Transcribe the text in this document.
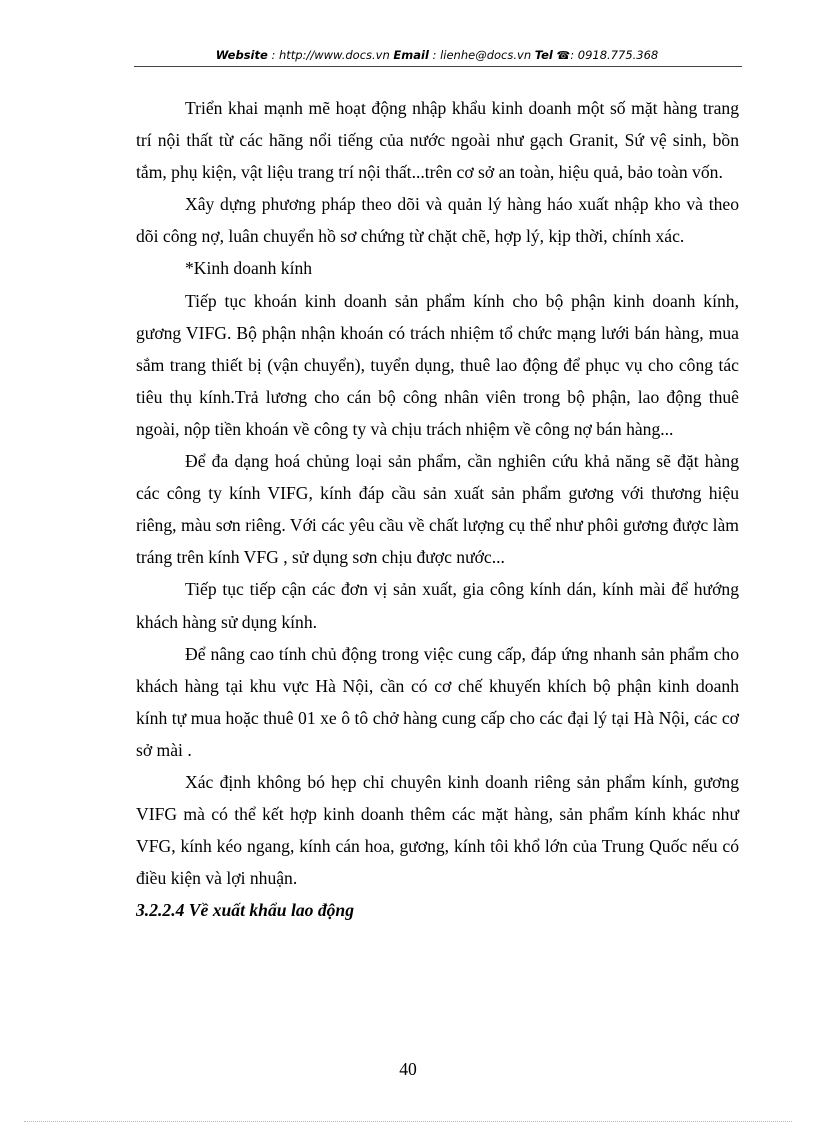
Website : http://www.docs.vn Email : lienhe@docs.vn Tel ☎: 0918.775.368

Triển khai mạnh mẽ hoạt động nhập khẩu kinh doanh một số mặt hàng trang trí nội thất từ các hãng nổi tiếng của nước ngoài như gạch Granit, Sứ vệ sinh, bồn tắm, phụ kiện, vật liệu trang trí nội thất...trên cơ sở an toàn, hiệu quả, bảo toàn vốn.

Xây dựng phương pháp theo dõi và quản lý hàng háo xuất nhập kho và theo dõi công nợ, luân chuyển hồ sơ chứng từ chặt chẽ, hợp lý, kịp thời, chính xác.

*Kinh doanh kính

Tiếp tục khoán kinh doanh sản phẩm kính cho bộ phận kinh doanh kính, gương VIFG. Bộ phận nhận khoán có trách nhiệm tổ chức mạng lưới bán hàng, mua sắm trang thiết bị (vận chuyển), tuyển dụng, thuê lao động để phục vụ cho công tác tiêu thụ kính.Trả lương cho cán bộ công nhân viên trong bộ phận, lao động thuê ngoài, nộp tiền khoán về công ty và chịu trách nhiệm về công nợ bán hàng...

Để đa dạng hoá chủng loại sản phẩm, cần nghiên cứu khả năng sẽ đặt hàng các công ty kính VIFG, kính đáp cầu sản xuất sản phẩm gương với thương hiệu riêng, màu sơn riêng. Với các yêu cầu về chất lượng cụ thể như phôi gương được làm tráng trên kính VFG , sử dụng sơn chịu được nước...

Tiếp tục tiếp cận các đơn vị sản xuất, gia công kính dán, kính mài để hướng khách hàng sử dụng kính.

Để nâng cao tính chủ động trong việc cung cấp, đáp ứng nhanh sản phẩm cho khách hàng tại khu vực Hà Nội, cần có cơ chế khuyến khích bộ phận kinh doanh kính tự mua hoặc thuê 01 xe ô tô chở hàng cung cấp cho các đại lý tại Hà Nội, các cơ sở mài .

Xác định không bó hẹp chỉ chuyên kinh doanh riêng sản phẩm kính, gương VIFG mà có thể kết hợp kinh doanh thêm các mặt hàng, sản phẩm kính khác như VFG, kính kéo ngang, kính cán hoa, gương, kính tôi khổ lớn của Trung Quốc nếu có điều kiện và lợi nhuận.

3.2.2.4 Về xuất khẩu lao động
40
